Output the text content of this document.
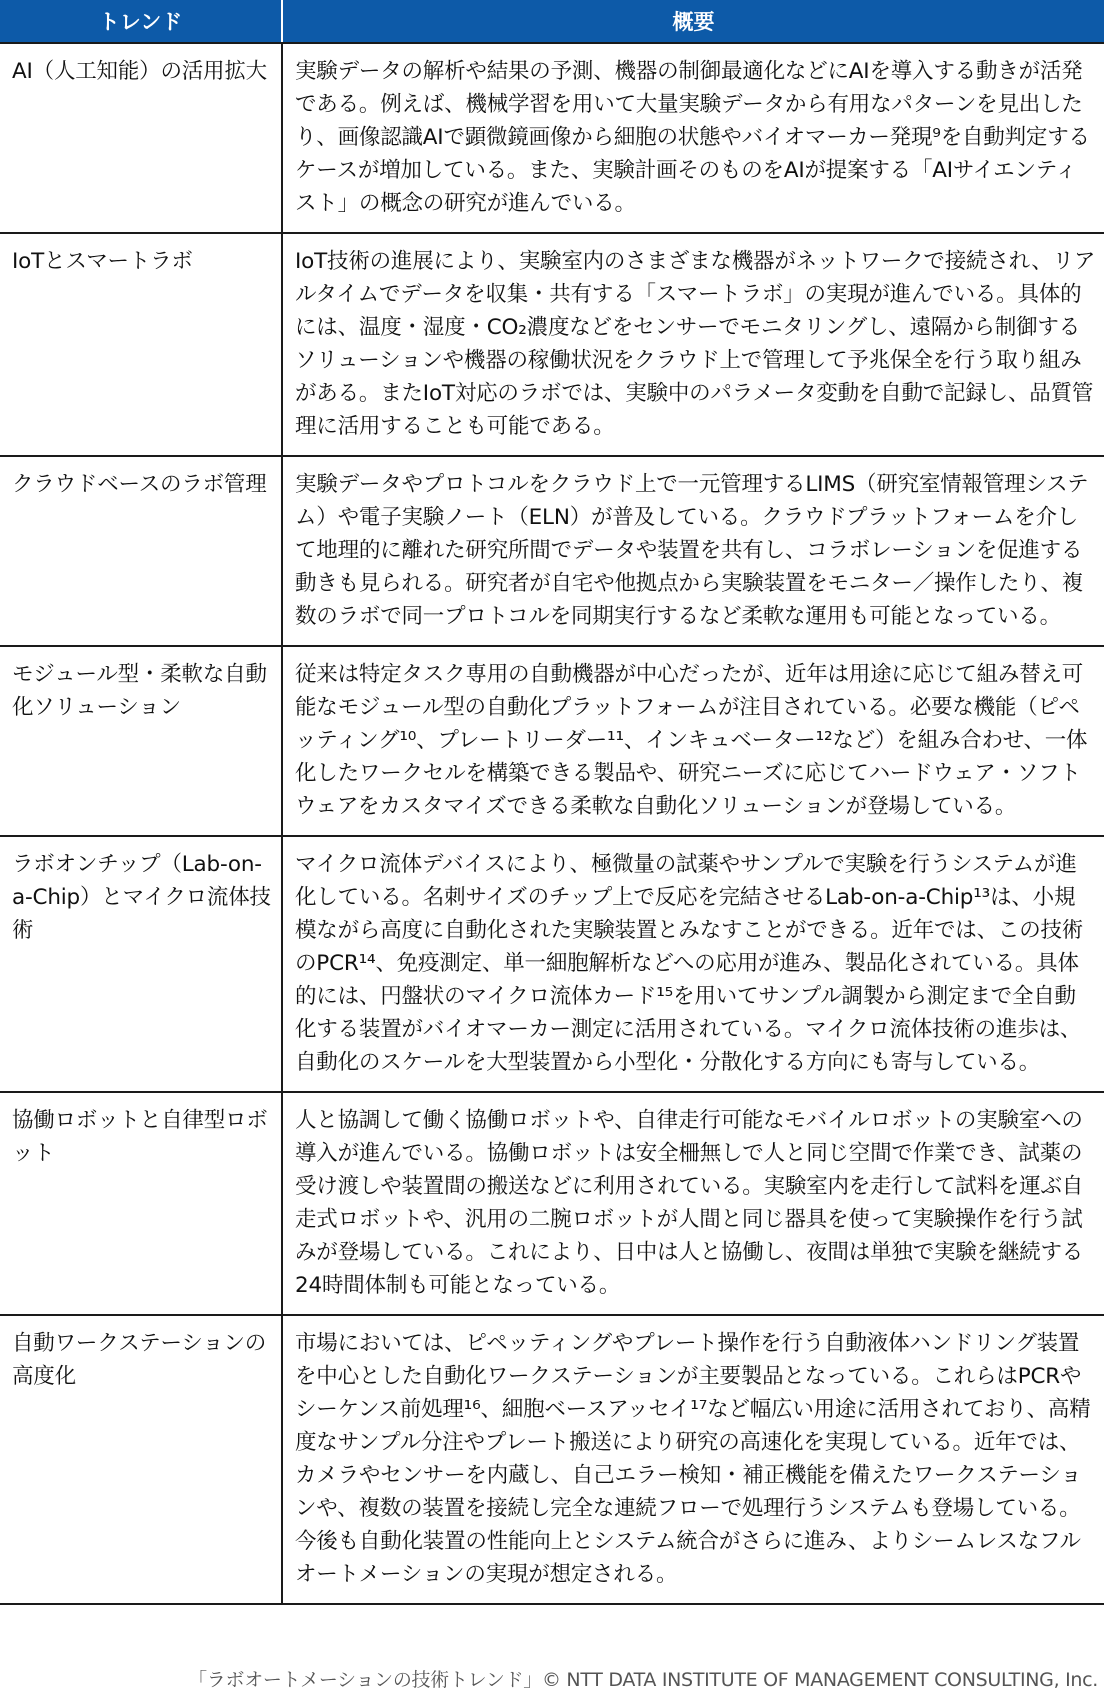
トレンド	概要
AI（人工知能）の活用拡大	実験データの解析や結果の予測、機器の制御最適化などにAIを導入する動きが活発である。例えば、機械学習を用いて大量実験データから有用なパターンを見出したり、画像認識AIで顕微鏡画像から細胞の状態やバイオマーカー発現⁹を自動判定するケースが増加している。また、実験計画そのものをAIが提案する「AIサイエンティスト」の概念の研究が進んでいる。
IoTとスマートラボ	IoT技術の進展により、実験室内のさまざまな機器がネットワークで接続され、リアルタイムでデータを収集・共有する「スマートラボ」の実現が進んでいる。具体的には、温度・湿度・CO₂濃度などをセンサーでモニタリングし、遠隔から制御するソリューションや機器の稼働状況をクラウド上で管理して予兆保全を行う取り組みがある。またIoT対応のラボでは、実験中のパラメータ変動を自動で記録し、品質管理に活用することも可能である。
クラウドベースのラボ管理	実験データやプロトコルをクラウド上で一元管理するLIMS（研究室情報管理システム）や電子実験ノート（ELN）が普及している。クラウドプラットフォームを介して地理的に離れた研究所間でデータや装置を共有し、コラボレーションを促進する動きも見られる。研究者が自宅や他拠点から実験装置をモニター／操作したり、複数のラボで同一プロトコルを同期実行するなど柔軟な運用も可能となっている。
モジュール型・柔軟な自動化ソリューション	従来は特定タスク専用の自動機器が中心だったが、近年は用途に応じて組み替え可能なモジュール型の自動化プラットフォームが注目されている。必要な機能（ピペッティング¹⁰、プレートリーダー¹¹、インキュベーター¹²など）を組み合わせ、一体化したワークセルを構築できる製品や、研究ニーズに応じてハードウェア・ソフトウェアをカスタマイズできる柔軟な自動化ソリューションが登場している。
ラボオンチップ（Lab-on-a-Chip）とマイクロ流体技術	マイクロ流体デバイスにより、極微量の試薬やサンプルで実験を行うシステムが進化している。名刺サイズのチップ上で反応を完結させるLab-on-a-Chip¹³は、小規模ながら高度に自動化された実験装置とみなすことができる。近年では、この技術のPCR¹⁴、免疫測定、単一細胞解析などへの応用が進み、製品化されている。具体的には、円盤状のマイクロ流体カード¹⁵を用いてサンプル調製から測定まで全自動化する装置がバイオマーカー測定に活用されている。マイクロ流体技術の進歩は、自動化のスケールを大型装置から小型化・分散化する方向にも寄与している。
協働ロボットと自律型ロボット	人と協調して働く協働ロボットや、自律走行可能なモバイルロボットの実験室への導入が進んでいる。協働ロボットは安全柵無しで人と同じ空間で作業でき、試薬の受け渡しや装置間の搬送などに利用されている。実験室内を走行して試料を運ぶ自走式ロボットや、汎用の二腕ロボットが人間と同じ器具を使って実験操作を行う試みが登場している。これにより、日中は人と協働し、夜間は単独で実験を継続する24時間体制も可能となっている。
自動ワークステーションの高度化	市場においては、ピペッティングやプレート操作を行う自動液体ハンドリング装置を中心とした自動化ワークステーションが主要製品となっている。これらはPCRやシーケンス前処理¹⁶、細胞ベースアッセイ¹⁷など幅広い用途に活用されており、高精度なサンプル分注やプレート搬送により研究の高速化を実現している。近年では、カメラやセンサーを内蔵し、自己エラー検知・補正機能を備えたワークステーションや、複数の装置を接続し完全な連続フローで処理行うシステムも登場している。今後も自動化装置の性能向上とシステム統合がさらに進み、よりシームレスなフルオートメーションの実現が想定される。
「ラボオートメーションの技術トレンド」© NTT DATA INSTITUTE OF MANAGEMENT CONSULTING, Inc.
